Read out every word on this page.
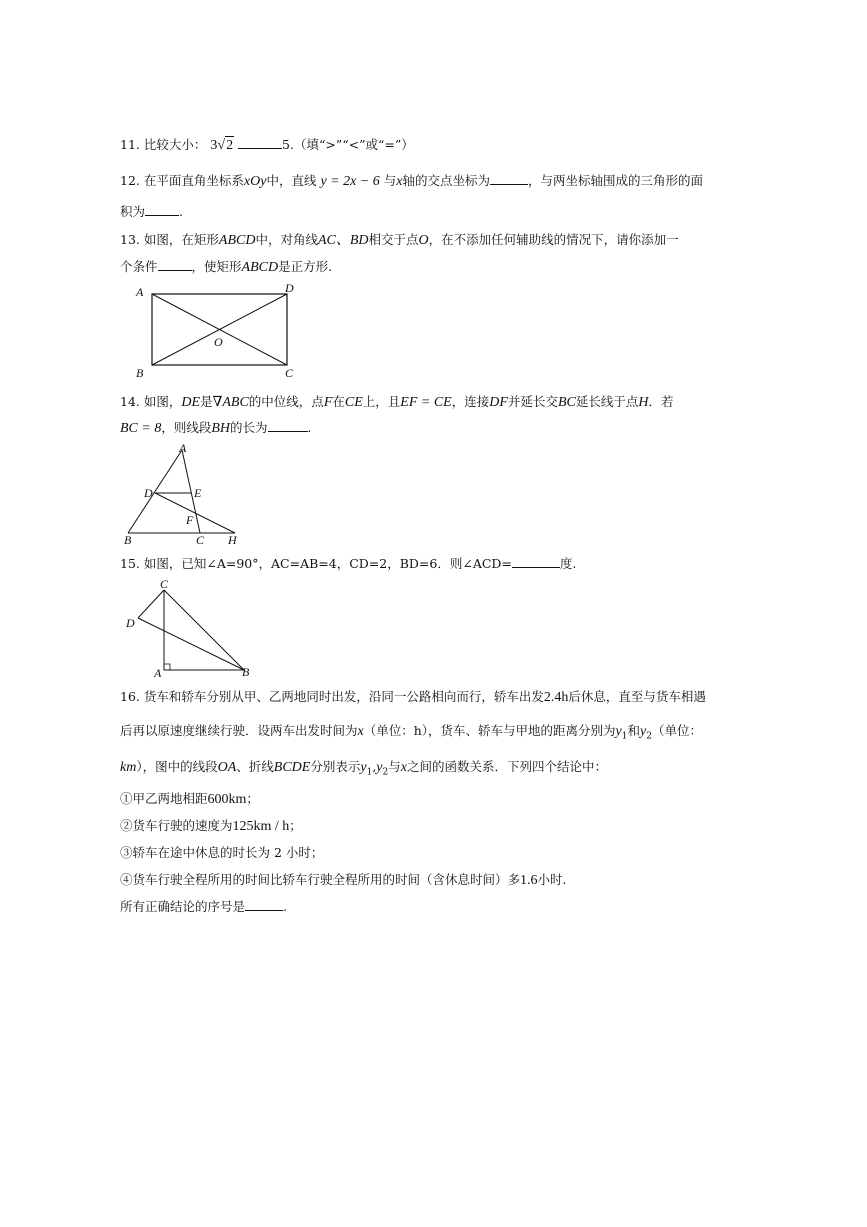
11. 比较大小： 3√2	5.（填“>”“<”或“=”）
12. 在平面直角坐标系xOy中，直线 y = 2x − 6 与x轴的交点坐标为	，与两坐标轴围成的三角形的面
积为	.
13. 如图，在矩形ABCD中，对角线AC、BD相交于点O，在不添加任何辅助线的情况下，请你添加一
个条件	，使矩形ABCD是正方形.
A	D
B	C
O
14. 如图，DE是∇ABC的中位线，点F在CE上，且EF = CE，连接DF并延长交BC延长线于点H．若
BC = 8，则线段BH的长为	.
A
D	E
F
B	C H
15. 如图，已知∠A=90°，AC=AB=4，CD=2，BD=6．则∠ACD=	度.
C
D
A	B
16. 货车和轿车分别从甲、乙两地同时出发，沿同一公路相向而行，轿车出发2.4h后休息，直至与货车相遇
后再以原速度继续行驶．设两车出发时间为x（单位：h），货车、轿车与甲地的距离分别为$y_1$和$y_2$（单位：
km），图中的线段OA、折线BCDE分别表示$y_1,y_2$与x之间的函数关系．下列四个结论中：
①甲乙两地相距600km；
②货车行驶的速度为125km / h；
③轿车在途中休息的时长为 2 小时；
④货车行驶全程所用的时间比轿车行驶全程所用的时间（含休息时间）多1.6小时.
所有正确结论的序号是	.
